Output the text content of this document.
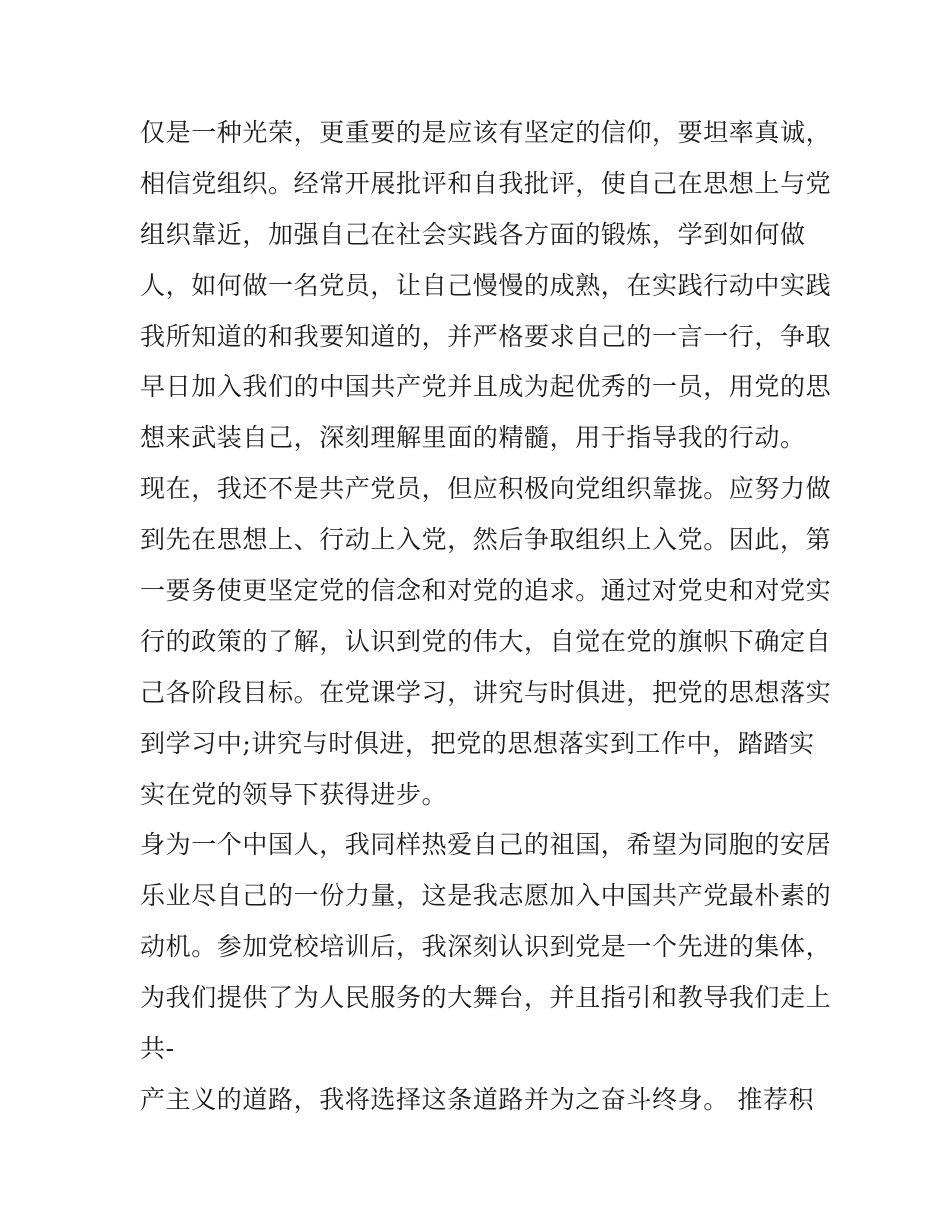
仅是一种光荣，更重要的是应该有坚定的信仰，要坦率真诚，
相信党组织。经常开展批评和自我批评，使自己在思想上与党
组织靠近，加强自己在社会实践各方面的锻炼，学到如何做
人，如何做一名党员，让自己慢慢的成熟，在实践行动中实践
我所知道的和我要知道的，并严格要求自己的一言一行，争取
早日加入我们的中国共产党并且成为起优秀的一员，用党的思
想来武装自己，深刻理解里面的精髓，用于指导我的行动。
现在，我还不是共产党员，但应积极向党组织靠拢。应努力做
到先在思想上、行动上入党，然后争取组织上入党。因此，第
一要务使更坚定党的信念和对党的追求。通过对党史和对党实
行的政策的了解，认识到党的伟大，自觉在党的旗帜下确定自
己各阶段目标。在党课学习，讲究与时俱进，把党的思想落实
到学习中;讲究与时俱进，把党的思想落实到工作中，踏踏实
实在党的领导下获得进步。
身为一个中国人，我同样热爱自己的祖国，希望为同胞的安居
乐业尽自己的一份力量，这是我志愿加入中国共产党最朴素的
动机。参加党校培训后，我深刻认识到党是一个先进的集体，
为我们提供了为人民服务的大舞台，并且指引和教导我们走上
共-
产主义的道路，我将选择这条道路并为之奋斗终身。 推荐积
